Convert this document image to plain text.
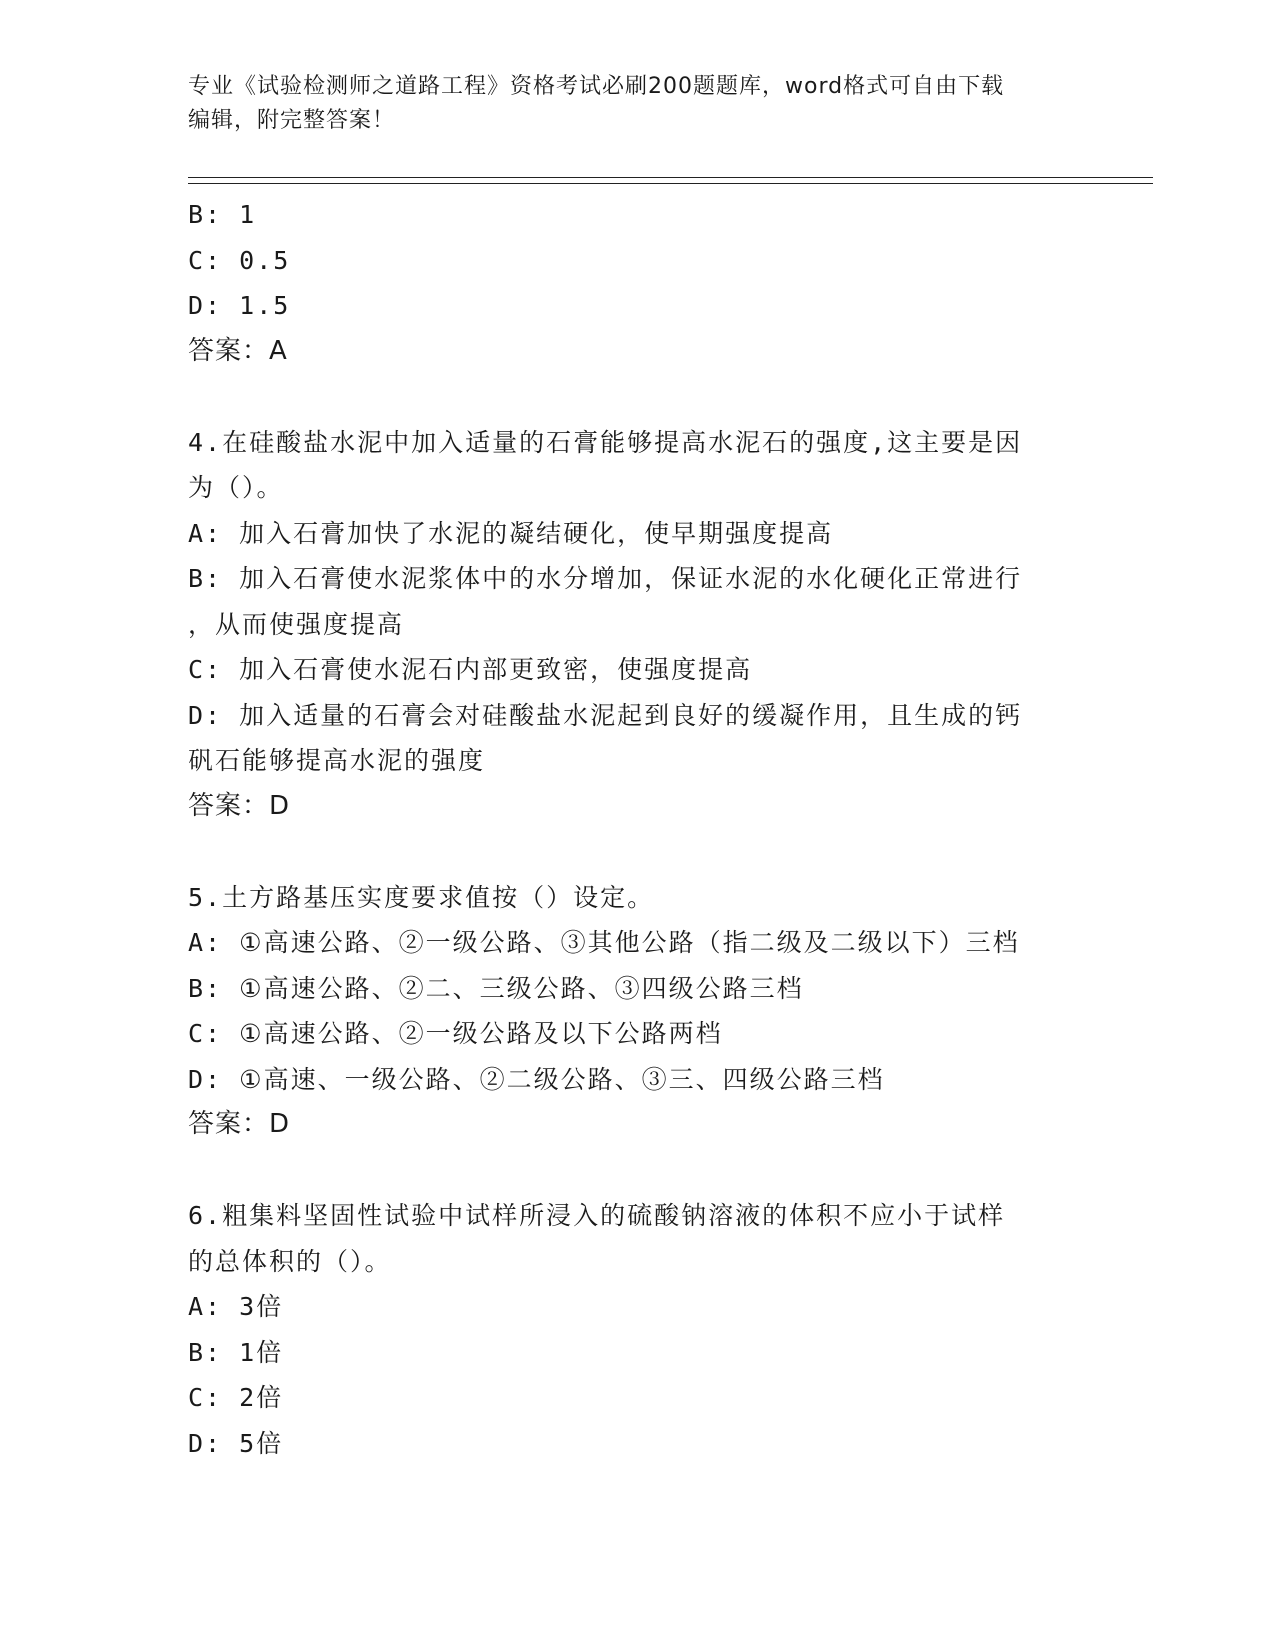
专业《试验检测师之道路工程》资格考试必刷200题题库，word格式可自由下载
编辑，附完整答案！
B: 1
C: 0.5
D: 1.5
答案：A
4.在硅酸盐水泥中加入适量的石膏能够提高水泥石的强度,这主要是因
为（）。
A: 加入石膏加快了水泥的凝结硬化，使早期强度提高
B: 加入石膏使水泥浆体中的水分增加，保证水泥的水化硬化正常进行
，从而使强度提高
C: 加入石膏使水泥石内部更致密，使强度提高
D: 加入适量的石膏会对硅酸盐水泥起到良好的缓凝作用，且生成的钙
矾石能够提高水泥的强度
答案：D
5.土方路基压实度要求值按（）设定。
A: ①高速公路、②一级公路、③其他公路（指二级及二级以下）三档
B: ①高速公路、②二、三级公路、③四级公路三档
C: ①高速公路、②一级公路及以下公路两档
D: ①高速、一级公路、②二级公路、③三、四级公路三档
答案：D
6.粗集料坚固性试验中试样所浸入的硫酸钠溶液的体积不应小于试样
的总体积的（）。
A: 3倍
B: 1倍
C: 2倍
D: 5倍
